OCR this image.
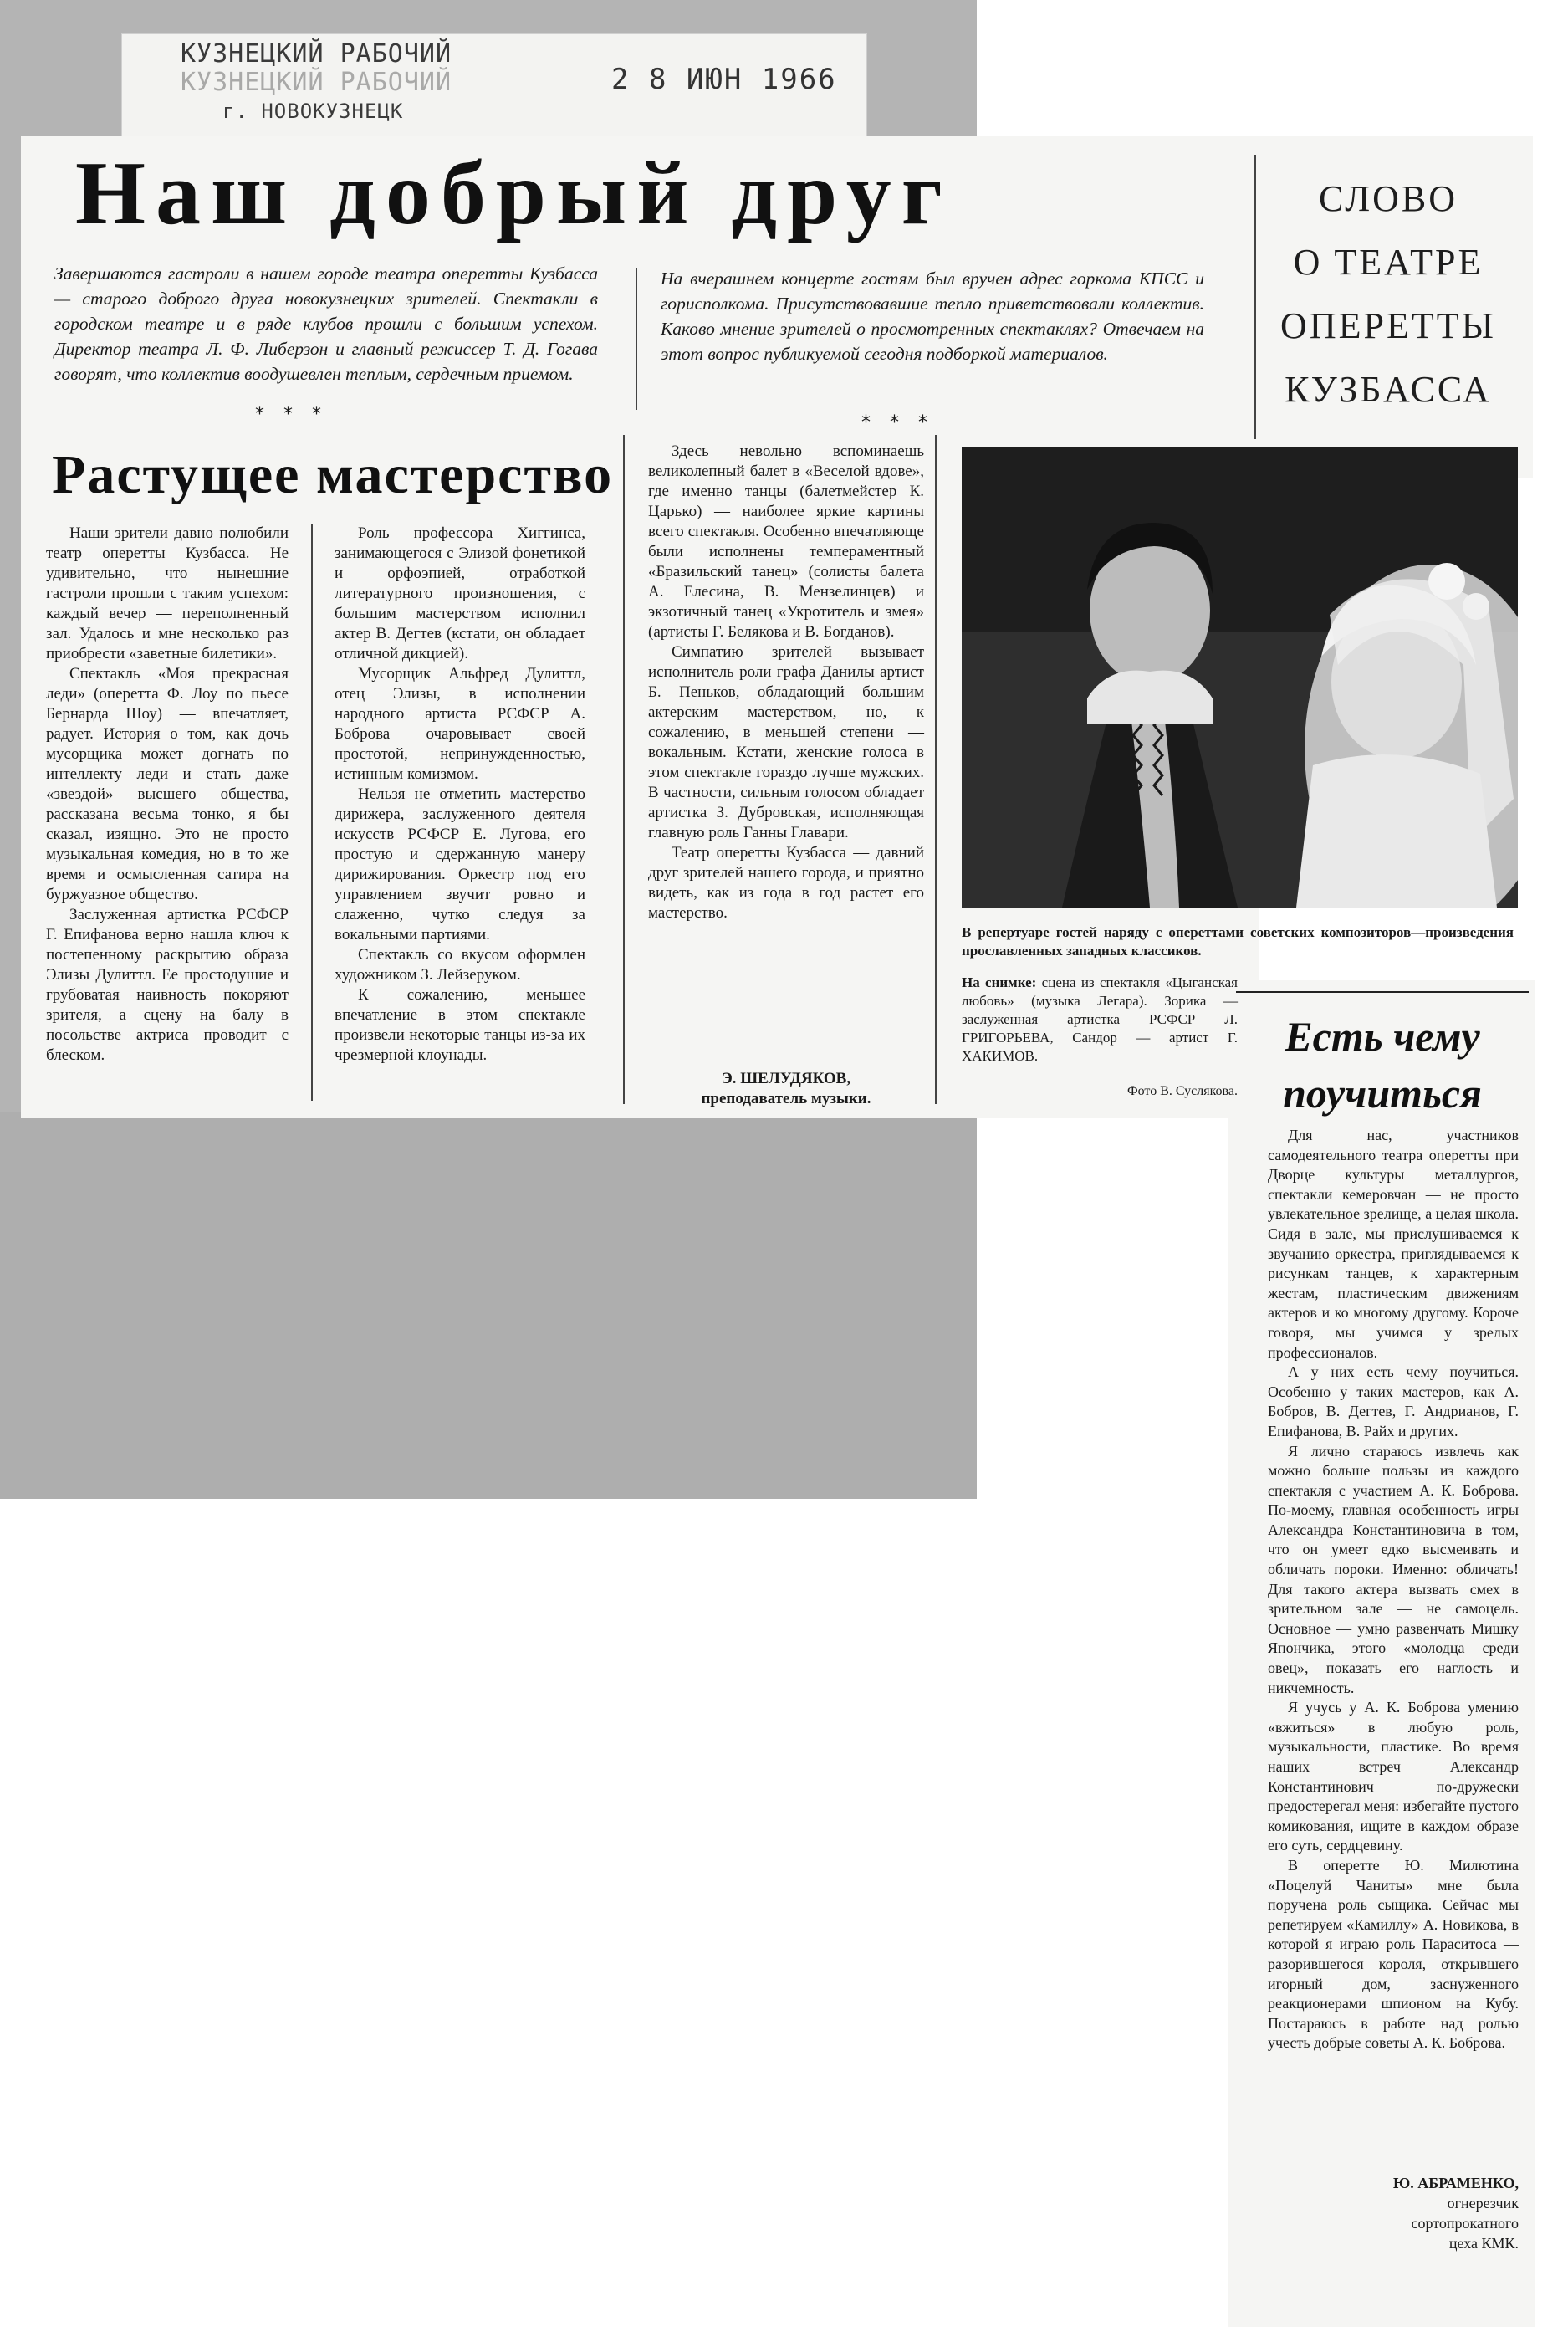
КУЗНЕЦКИЙ РАБОЧИЙ
КУЗНЕЦКИЙ РАБОЧИЙ
г. НОВОКУЗНЕЦК
2 8 ИЮН 1966
Наш добрый друг	СЛОВО
О ТЕАТРЕ
ОПЕРЕТТЫ
КУЗБАССА

Завершаются гастроли в нашем городе театра оперетты Кузбасса — старого доброго друга новокузнецких зрителей. Спектакли в городском театре и в ряде клубов прошли с большим успехом. Директор театра Л. Ф. Либерзон и главный режиссер Т. Д. Гогава говорят, что коллектив воодушевлен теплым, сердечным приемом.

На вчерашнем концерте гостям был вручен адрес горкома КПСС и горисполкома. Присутствовавшие тепло приветствовали коллектив. Каково мнение зрителей о просмотренных спектаклях? Отвечаем на этот вопрос публикуемой сегодня подборкой материалов.

* * *	* * *
Растущее мастерство

Наши зрители давно полюбили театр оперетты Кузбасса. Не удивительно, что нынешние гастроли прошли с таким успехом: каждый вечер — переполненный зал. Удалось и мне несколько раз приобрести «заветные билетики».

Спектакль «Моя прекрасная леди» (оперетта Ф. Лоу по пьесе Бернарда Шоу) — впечатляет, радует. История о том, как дочь мусорщика может догнать по интеллекту леди и стать даже «звездой» высшего общества, рассказана весьма тонко, я бы сказал, изящно. Это не просто музыкальная комедия, но в то же время и осмысленная сатира на буржуазное общество.

Заслуженная артистка РСФСР Г. Епифанова верно нашла ключ к постепенному раскрытию образа Элизы Дулиттл. Ее простодушие и грубоватая наивность покоряют зрителя, а сцену на балу в посольстве актриса проводит с блеском.

Роль профессора Хиггинса, занимающегося с Элизой фонетикой и орфоэпией, отработкой литературного произношения, с большим мастерством исполнил актер В. Дегтев (кстати, он обладает отличной дикцией).

Мусорщик Альфред Дулиттл, отец Элизы, в исполнении народного артиста РСФСР А. Боброва очаровывает своей простотой, непринужденностью, истинным комизмом.

Нельзя не отметить мастерство дирижера, заслуженного деятеля искусств РСФСР Е. Лугова, его простую и сдержанную манеру дирижирования. Оркестр под его управлением звучит ровно и слаженно, чутко следуя за вокальными партиями.

Спектакль со вкусом оформлен художником З. Лейзеруком.

К сожалению, меньшее впечатление в этом спектакле произвели некоторые танцы из-за их чрезмерной клоунады.

Здесь невольно вспоминаешь великолепный балет в «Веселой вдове», где именно танцы (балетмейстер К. Царько) — наиболее яркие картины всего спектакля. Особенно впечатляюще были исполнены темпераментный «Бразильский танец» (солисты балета А. Елесина, В. Мензелинцев) и экзотичный танец «Укротитель и змея» (артисты Г. Белякова и В. Богданов).

Симпатию зрителей вызывает исполнитель роли графа Данилы артист Б. Пеньков, обладающий большим актерским мастерством, но, к сожалению, в меньшей степени — вокальным. Кстати, женские голоса в этом спектакле гораздо лучше мужских. В частности, сильным голосом обладает артистка З. Дубровская, исполняющая главную роль Ганны Главари.

Театр оперетты Кузбасса — давний друг зрителей нашего города, и приятно видеть, как из года в год растет его мастерство.

Э. ШЕЛУДЯКОВ,
преподаватель музыки.
В репертуаре гостей наряду с опереттами советских композиторов—произведения прославленных западных классиков.
На снимке: сцена из спектакля «Цыганская любовь» (музыка Легара). Зорика — заслуженная артистка РСФСР Л. ГРИГОРЬЕВА, Сандор — артист Г. ХАКИМОВ.
Фото В. Суслякова.
Есть чему
поучиться

Для нас, участников самодеятельного театра оперетты при Дворце культуры металлургов, спектакли кемеровчан — не просто увлекательное зрелище, а целая школа. Сидя в зале, мы прислушиваемся к звучанию оркестра, приглядываемся к рисункам танцев, к характерным жестам, пластическим движениям актеров и ко многому другому. Короче говоря, мы учимся у зрелых профессионалов.

А у них есть чему поучиться. Особенно у таких мастеров, как А. Бобров, В. Дегтев, Г. Андрианов, Г. Епифанова, В. Райх и других.

Я лично стараюсь извлечь как можно больше пользы из каждого спектакля с участием А. К. Боброва. По-моему, главная особенность игры Александра Константиновича в том, что он умеет едко высмеивать и обличать пороки. Именно: обличать! Для такого актера вызвать смех в зрительном зале — не самоцель. Основное — умно развенчать Мишку Япончика, этого «молодца среди овец», показать его наглость и никчемность.

Я учусь у А. К. Боброва умению «вжиться» в любую роль, музыкальности, пластике. Во время наших встреч Александр Константинович по-дружески предостерегал меня: избегайте пустого комикования, ищите в каждом образе его суть, сердцевину.

В оперетте Ю. Милютина «Поцелуй Чаниты» мне была поручена роль сыщика. Сейчас мы репетируем «Камиллу» А. Новикова, в которой я играю роль Параситоса — разорившегося короля, открывшего игорный дом, заснуженного реакционерами шпионом на Кубу. Постараюсь в работе над ролью учесть добрые советы А. К. Боброва.

Ю. АБРАМЕНКО,
огнерезчик
сортопрокатного
цеха КМК.
